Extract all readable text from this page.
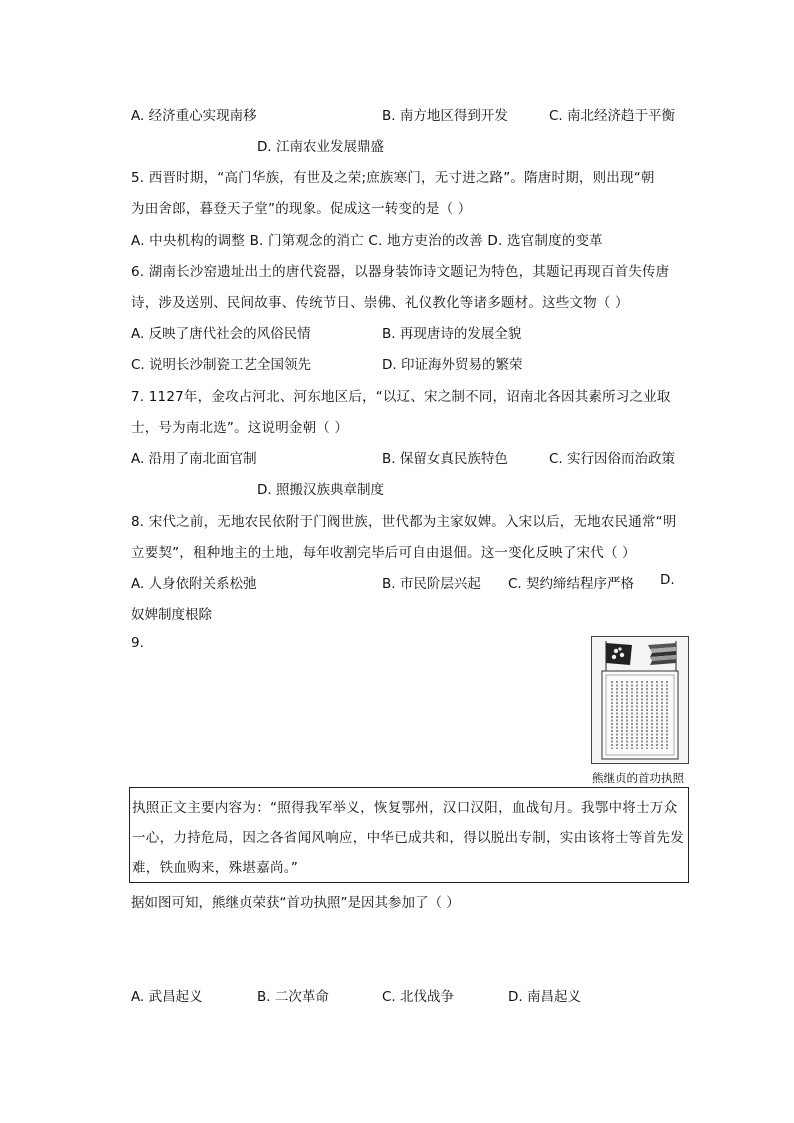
A. 经济重心实现南移	B. 南方地区得到开发	C. 南北经济趋于平衡
D. 江南农业发展鼎盛
5. 西晋时期，“高门华族，有世及之荣;庶族寒门，无寸进之路”。隋唐时期，则出现“朝
为田舍郎，暮登天子堂”的现象。促成这一转变的是（ ）
A. 中央机构的调整 B. 门第观念的消亡 C. 地方吏治的改善 D. 选官制度的变革
6. 湖南长沙窑遗址出土的唐代瓷器，以器身装饰诗文题记为特色，其题记再现百首失传唐
诗，涉及送别、民间故事、传统节日、崇佛、礼仪教化等诸多题材。这些文物（ ）
A. 反映了唐代社会的风俗民情	B. 再现唐诗的发展全貌
C. 说明长沙制瓷工艺全国领先	D. 印证海外贸易的繁荣
7. 1127年，金攻占河北、河东地区后，“以辽、宋之制不同，诏南北各因其素所习之业取
士，号为南北选”。这说明金朝（ ）
A. 沿用了南北面官制	B. 保留女真民族特色	C. 实行因俗而治政策
D. 照搬汉族典章制度
8. 宋代之前，无地农民依附于门阀世族，世代都为主家奴婢。入宋以后，无地农民通常“明
立要契”，租种地主的土地，每年收割完毕后可自由退佃。这一变化反映了宋代（ ）
A. 人身依附关系松弛	B. 市民阶层兴起 C. 契约缔结程序严格 D.
奴婢制度根除
9.
熊继贞的首功执照
执照正文主要内容为：“照得我军举义，恢复鄂州，汉口汉阳，血战旬月。我鄂中将士万众
一心，力持危局，因之各省闻风响应，中华已成共和，得以脱出专制，实由该将士等首先发
难，铁血购来，殊堪嘉尚。”
据如图可知，熊继贞荣获“首功执照”是因其参加了（ ）
A. 武昌起义	B. 二次革命	C. 北伐战争	D. 南昌起义
